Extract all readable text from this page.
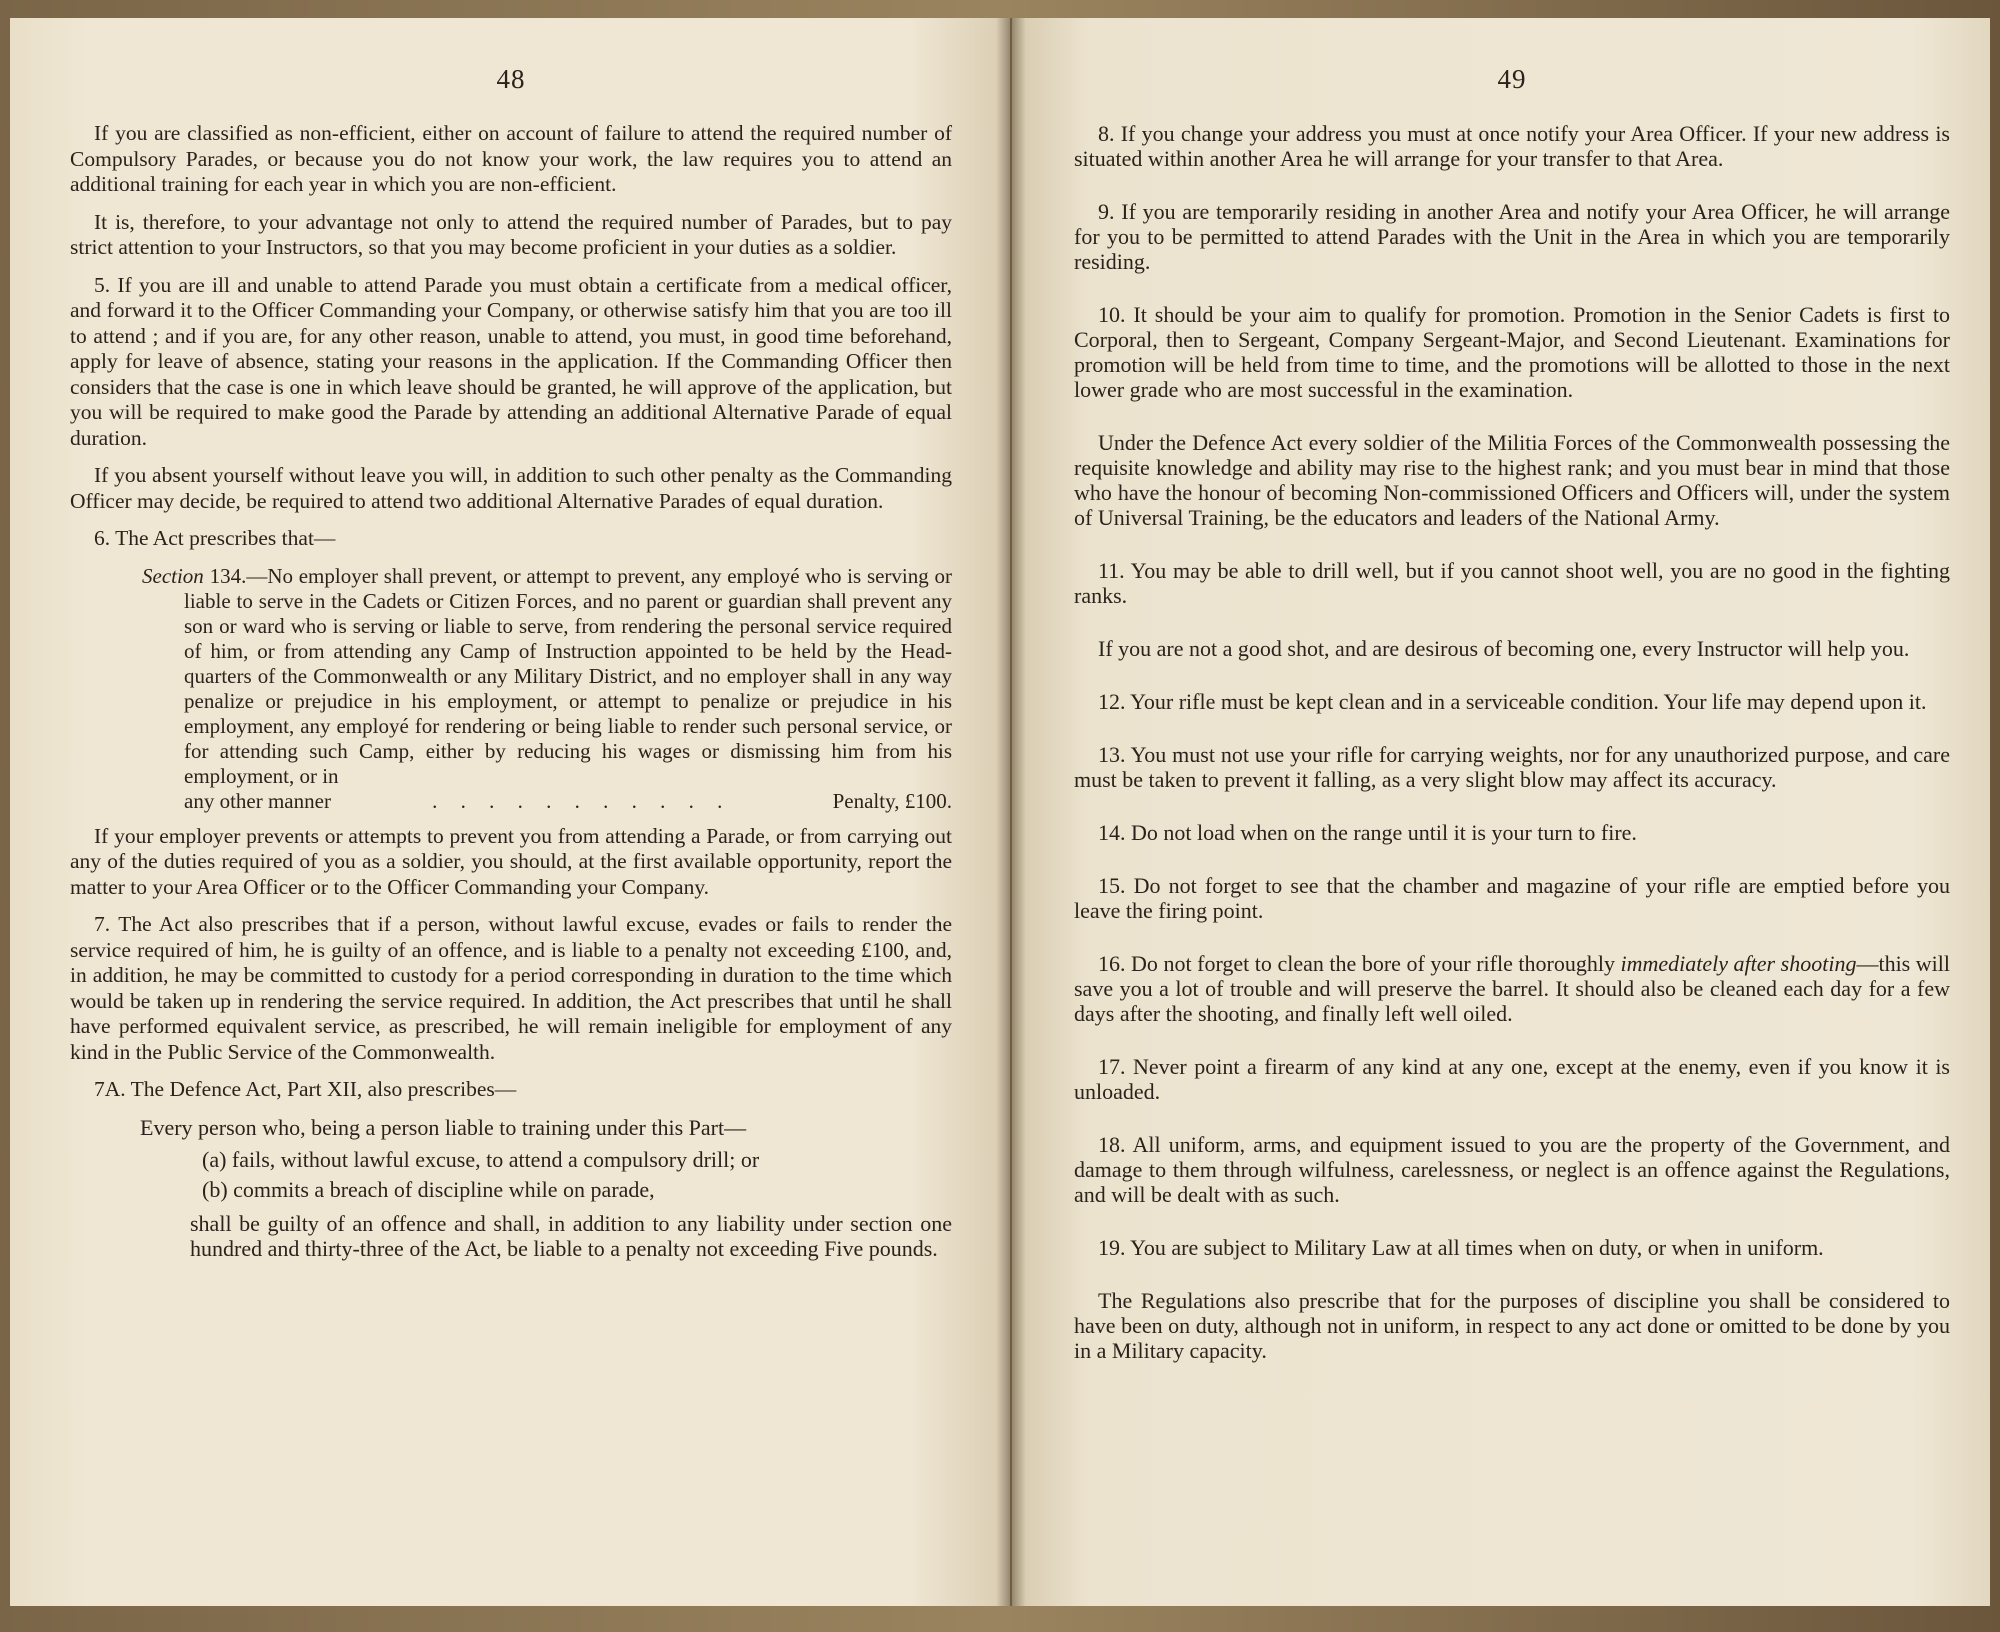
48

If you are classified as non-efficient, either on account of failure to attend the required number of Compulsory Parades, or because you do not know your work, the law requires you to attend an additional training for each year in which you are non-efficient.

It is, therefore, to your advantage not only to attend the required number of Parades, but to pay strict attention to your Instructors, so that you may become proficient in your duties as a soldier.

5. If you are ill and unable to attend Parade you must obtain a certificate from a medical officer, and forward it to the Officer Commanding your Company, or otherwise satisfy him that you are too ill to attend ; and if you are, for any other reason, unable to attend, you must, in good time beforehand, apply for leave of absence, stating your reasons in the application. If the Commanding Officer then considers that the case is one in which leave should be granted, he will approve of the application, but you will be required to make good the Parade by attending an additional Alternative Parade of equal duration.

If you absent yourself without leave you will, in addition to such other penalty as the Commanding Officer may decide, be required to attend two additional Alternative Parades of equal duration.

6. The Act prescribes that—

Section 134.—No employer shall prevent, or attempt to prevent, any employé who is serving or liable to serve in the Cadets or Citizen Forces, and no parent or guardian shall prevent any son or ward who is serving or liable to serve, from rendering the personal service required of him, or from attending any Camp of Instruction appointed to be held by the Head-quarters of the Commonwealth or any Military District, and no employer shall in any way penalize or prejudice in his employment, or attempt to penalize or prejudice in his employment, any employé for rendering or being liable to render such personal service, or for attending such Camp, either by reducing his wages or dismissing him from his employment, or in
any other manner	. . . . . . . . . . .	Penalty, £100.

If your employer prevents or attempts to prevent you from attending a Parade, or from carrying out any of the duties required of you as a soldier, you should, at the first available opportunity, report the matter to your Area Officer or to the Officer Commanding your Company.

7. The Act also prescribes that if a person, without lawful excuse, evades or fails to render the service required of him, he is guilty of an offence, and is liable to a penalty not exceeding £100, and, in addition, he may be committed to custody for a period corresponding in duration to the time which would be taken up in rendering the service required. In addition, the Act prescribes that until he shall have performed equivalent service, as prescribed, he will remain ineligible for employment of any kind in the Public Service of the Commonwealth.

7A. The Defence Act, Part XII, also prescribes—

Every person who, being a person liable to training under this Part—

(a) fails, without lawful excuse, to attend a compulsory drill; or

(b) commits a breach of discipline while on parade,

shall be guilty of an offence and shall, in addition to any liability under section one hundred and thirty-three of the Act, be liable to a penalty not exceeding Five pounds.

49

8. If you change your address you must at once notify your Area Officer. If your new address is situated within another Area he will arrange for your transfer to that Area.

9. If you are temporarily residing in another Area and notify your Area Officer, he will arrange for you to be permitted to attend Parades with the Unit in the Area in which you are temporarily residing.

10. It should be your aim to qualify for promotion. Promotion in the Senior Cadets is first to Corporal, then to Sergeant, Company Sergeant-Major, and Second Lieutenant. Examinations for promotion will be held from time to time, and the promotions will be allotted to those in the next lower grade who are most successful in the examination.

Under the Defence Act every soldier of the Militia Forces of the Commonwealth possessing the requisite knowledge and ability may rise to the highest rank; and you must bear in mind that those who have the honour of becoming Non-commissioned Officers and Officers will, under the system of Universal Training, be the educators and leaders of the National Army.

11. You may be able to drill well, but if you cannot shoot well, you are no good in the fighting ranks.

If you are not a good shot, and are desirous of becoming one, every Instructor will help you.

12. Your rifle must be kept clean and in a serviceable condition. Your life may depend upon it.

13. You must not use your rifle for carrying weights, nor for any unauthorized purpose, and care must be taken to prevent it falling, as a very slight blow may affect its accuracy.

14. Do not load when on the range until it is your turn to fire.

15. Do not forget to see that the chamber and magazine of your rifle are emptied before you leave the firing point.

16. Do not forget to clean the bore of your rifle thoroughly immediately after shooting—this will save you a lot of trouble and will preserve the barrel. It should also be cleaned each day for a few days after the shooting, and finally left well oiled.

17. Never point a firearm of any kind at any one, except at the enemy, even if you know it is unloaded.

18. All uniform, arms, and equipment issued to you are the property of the Government, and damage to them through wilfulness, carelessness, or neglect is an offence against the Regulations, and will be dealt with as such.

19. You are subject to Military Law at all times when on duty, or when in uniform.

The Regulations also prescribe that for the purposes of discipline you shall be considered to have been on duty, although not in uniform, in respect to any act done or omitted to be done by you in a Military capacity.
